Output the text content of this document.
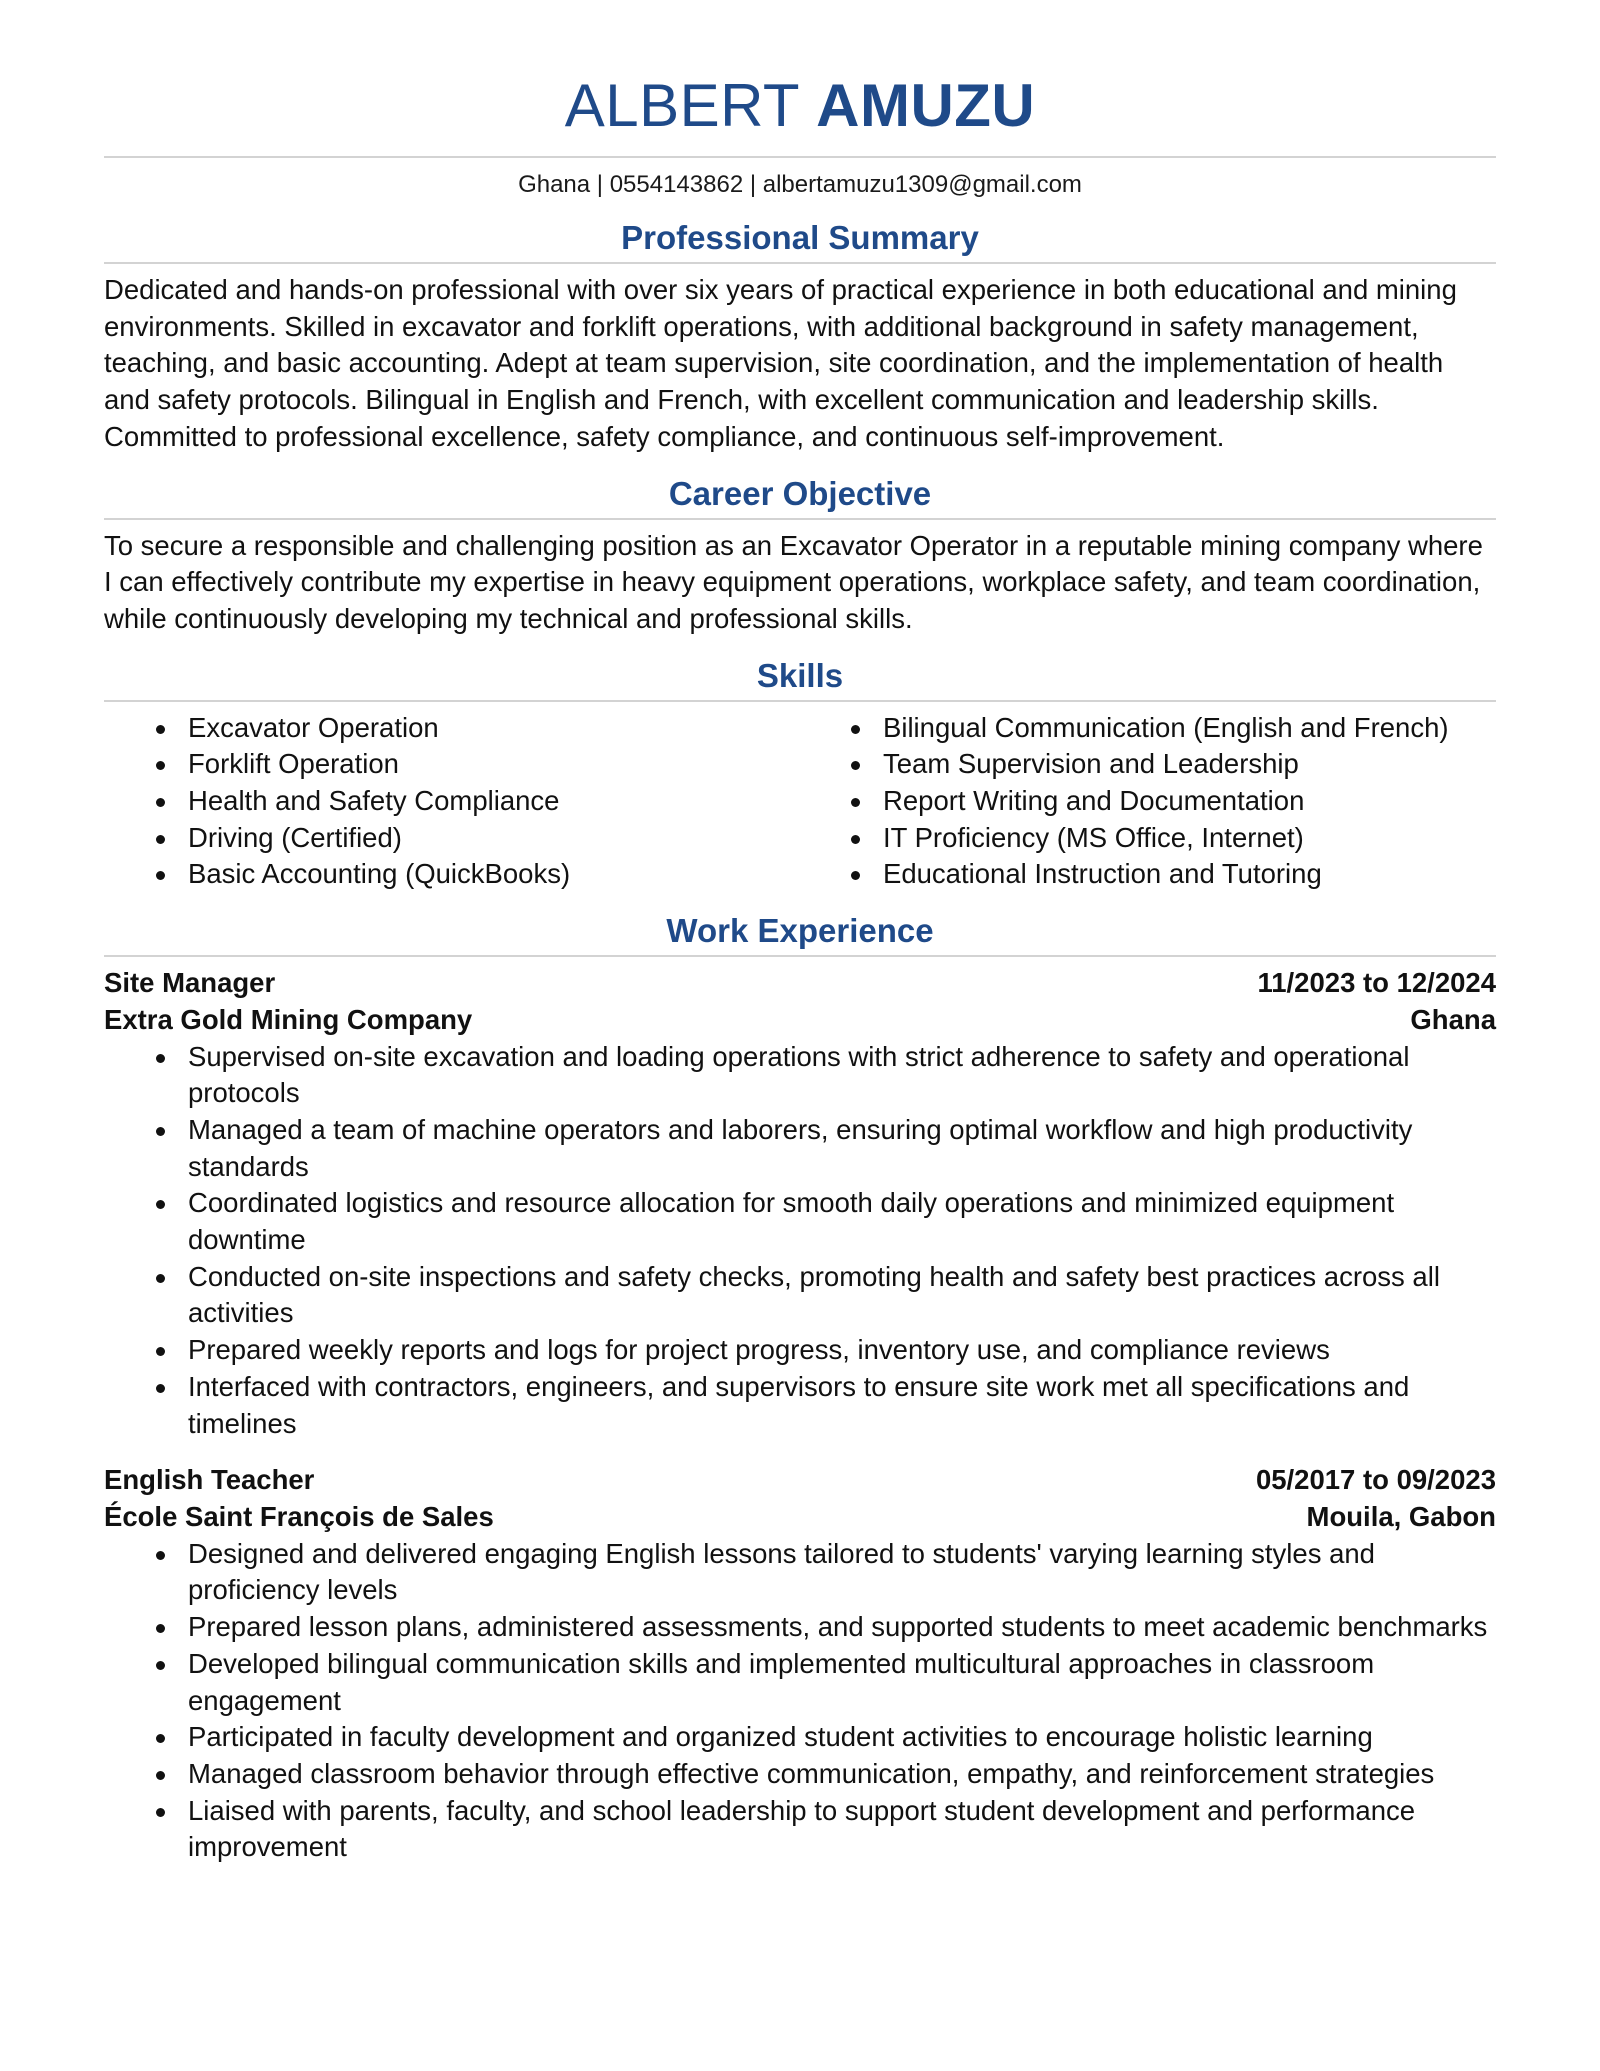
ALBERT AMUZU
Ghana | 0554143862 | albertamuzu1309@gmail.com
Professional Summary

Dedicated and hands-on professional with over six years of practical experience in both educational and mining environments. Skilled in excavator and forklift operations, with additional background in safety management, teaching, and basic accounting. Adept at team supervision, site coordination, and the implementation of health and safety protocols. Bilingual in English and French, with excellent communication and leadership skills. Committed to professional excellence, safety compliance, and continuous self-improvement.

Career Objective

To secure a responsible and challenging position as an Excavator Operator in a reputable mining company where I can effectively contribute my expertise in heavy equipment operations, workplace safety, and team coordination, while continuously developing my technical and professional skills.

Skills
Excavator Operation
Forklift Operation
Health and Safety Compliance
Driving (Certified)
Basic Accounting (QuickBooks)
Bilingual Communication (English and French)
Team Supervision and Leadership
Report Writing and Documentation
IT Proficiency (MS Office, Internet)
Educational Instruction and Tutoring
Work Experience
Site Manager	11/2023 to 12/2024
Extra Gold Mining Company	Ghana
Supervised on-site excavation and loading operations with strict adherence to safety and operational protocols
Managed a team of machine operators and laborers, ensuring optimal workflow and high productivity standards
Coordinated logistics and resource allocation for smooth daily operations and minimized equipment downtime
Conducted on-site inspections and safety checks, promoting health and safety best practices across all activities
Prepared weekly reports and logs for project progress, inventory use, and compliance reviews
Interfaced with contractors, engineers, and supervisors to ensure site work met all specifications and timelines
English Teacher	05/2017 to 09/2023
École Saint François de Sales	Mouila, Gabon
Designed and delivered engaging English lessons tailored to students' varying learning styles and proficiency levels
Prepared lesson plans, administered assessments, and supported students to meet academic benchmarks
Developed bilingual communication skills and implemented multicultural approaches in classroom engagement
Participated in faculty development and organized student activities to encourage holistic learning
Managed classroom behavior through effective communication, empathy, and reinforcement strategies
Liaised with parents, faculty, and school leadership to support student development and performance improvement
